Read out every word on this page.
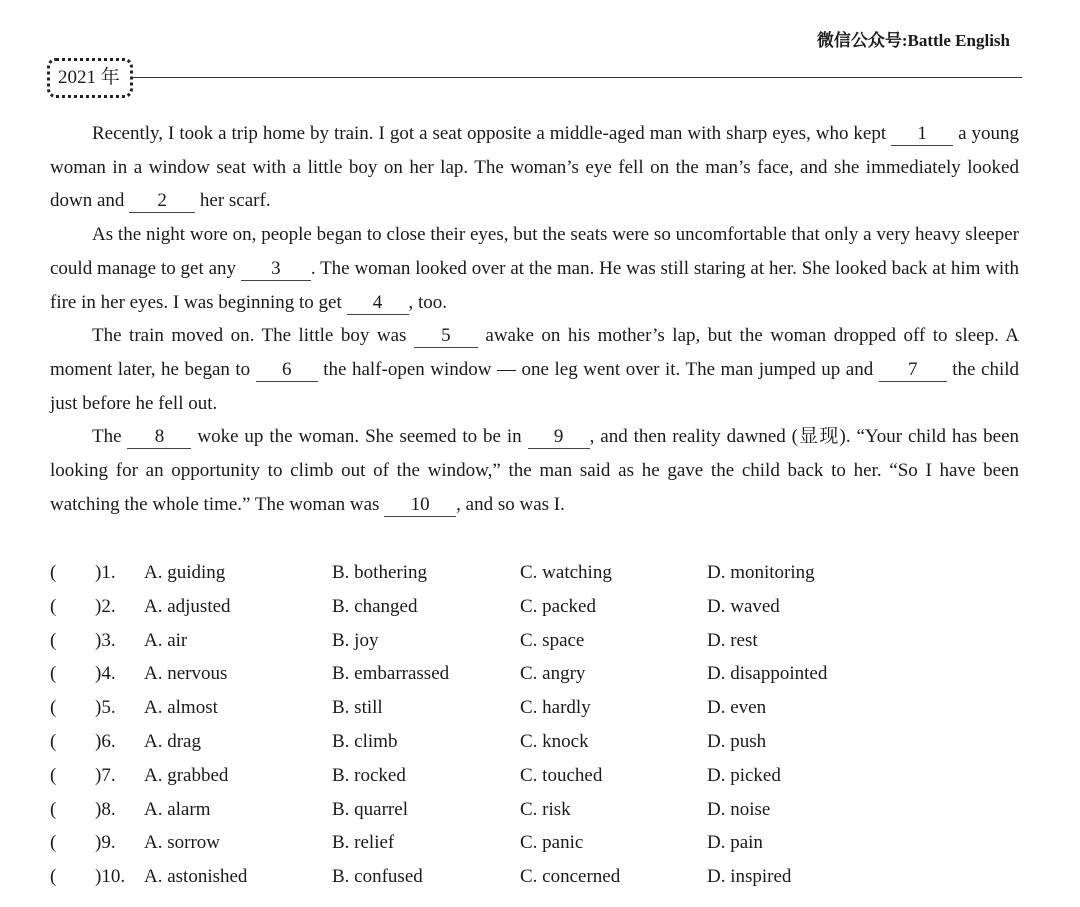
微信公众号:Battle English
2021 年

Recently, I took a trip home by train. I got a seat opposite a middle-aged man with sharp eyes, who kept 1 a young woman in a window seat with a little boy on her lap. The woman’s eye fell on the man’s face, and she immediately looked down and 2 her scarf.

As the night wore on, people began to close their eyes, but the seats were so uncomfortable that only a very heavy sleeper could manage to get any 3 . The woman looked over at the man. He was still staring at her. She looked back at him with fire in her eyes. I was beginning to get 4 , too.

The train moved on. The little boy was 5 awake on his mother’s lap, but the woman dropped off to sleep. A moment later, he began to 6 the half-open window — one leg went over it. The man jumped up and 7 the child just before he fell out.

The 8 woke up the woman. She seemed to be in 9 , and then reality dawned (显现). “Your child has been looking for an opportunity to climb out of the window,” the man said as he gave the child back to her. “So I have been watching the whole time.” The woman was 10 , and so was I.

( )1. A. guiding	B. bothering	C. watching	D. monitoring
( )2. A. adjusted	B. changed	C. packed	D. waved
( )3. A. air	B. joy	C. space	D. rest
( )4. A. nervous	B. embarrassed	C. angry	D. disappointed
( )5. A. almost	B. still	C. hardly	D. even
( )6. A. drag	B. climb	C. knock	D. push
( )7. A. grabbed	B. rocked	C. touched	D. picked
( )8. A. alarm	B. quarrel	C. risk	D. noise
( )9. A. sorrow	B. relief	C. panic	D. pain
( )10. A. astonished	B. confused	C. concerned	D. inspired
